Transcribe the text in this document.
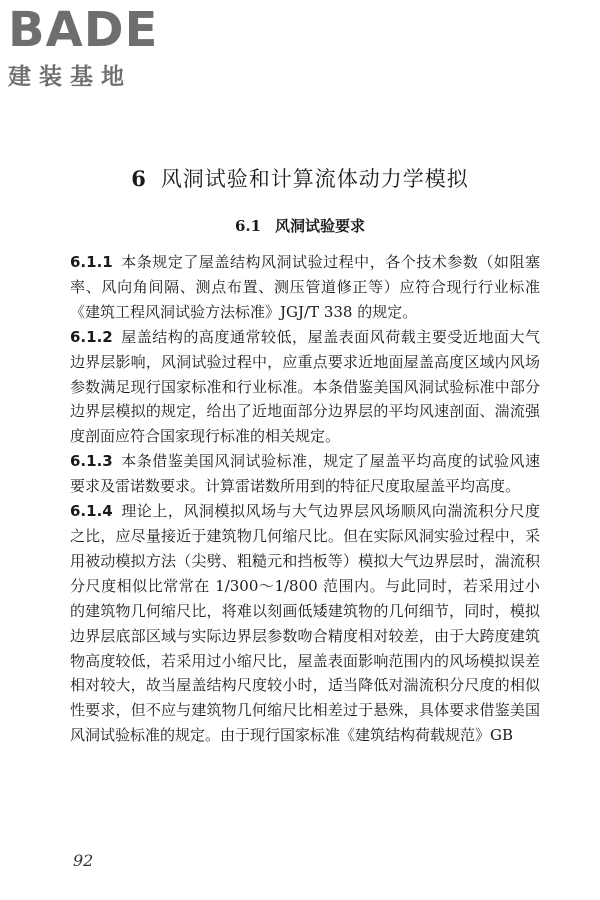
BADE
建装基地
6 风洞试验和计算流体动力学模拟
6.1 风洞试验要求

6.1.1 本条规定了屋盖结构风洞试验过程中，各个技术参数（如阻塞率、风向角间隔、测点布置、测压管道修正等）应符合现行行业标准《建筑工程风洞试验方法标准》JGJ/T 338 的规定。

6.1.2 屋盖结构的高度通常较低，屋盖表面风荷载主要受近地面大气边界层影响，风洞试验过程中，应重点要求近地面屋盖高度区域内风场参数满足现行国家标准和行业标准。本条借鉴美国风洞试验标准中部分边界层模拟的规定，给出了近地面部分边界层的平均风速剖面、湍流强度剖面应符合国家现行标准的相关规定。

6.1.3 本条借鉴美国风洞试验标准，规定了屋盖平均高度的试验风速要求及雷诺数要求。计算雷诺数所用到的特征尺度取屋盖平均高度。

6.1.4 理论上，风洞模拟风场与大气边界层风场顺风向湍流积分尺度之比，应尽量接近于建筑物几何缩尺比。但在实际风洞实验过程中，采用被动模拟方法（尖劈、粗糙元和挡板等）模拟大气边界层时，湍流积分尺度相似比常常在 1/300～1/800 范围内。与此同时，若采用过小的建筑物几何缩尺比，将难以刻画低矮建筑物的几何细节，同时，模拟边界层底部区域与实际边界层参数吻合精度相对较差，由于大跨度建筑物高度较低，若采用过小缩尺比，屋盖表面影响范围内的风场模拟误差相对较大，故当屋盖结构尺度较小时，适当降低对湍流积分尺度的相似性要求，但不应与建筑物几何缩尺比相差过于悬殊，具体要求借鉴美国风洞试验标准的规定。由于现行国家标准《建筑结构荷载规范》GB

92
